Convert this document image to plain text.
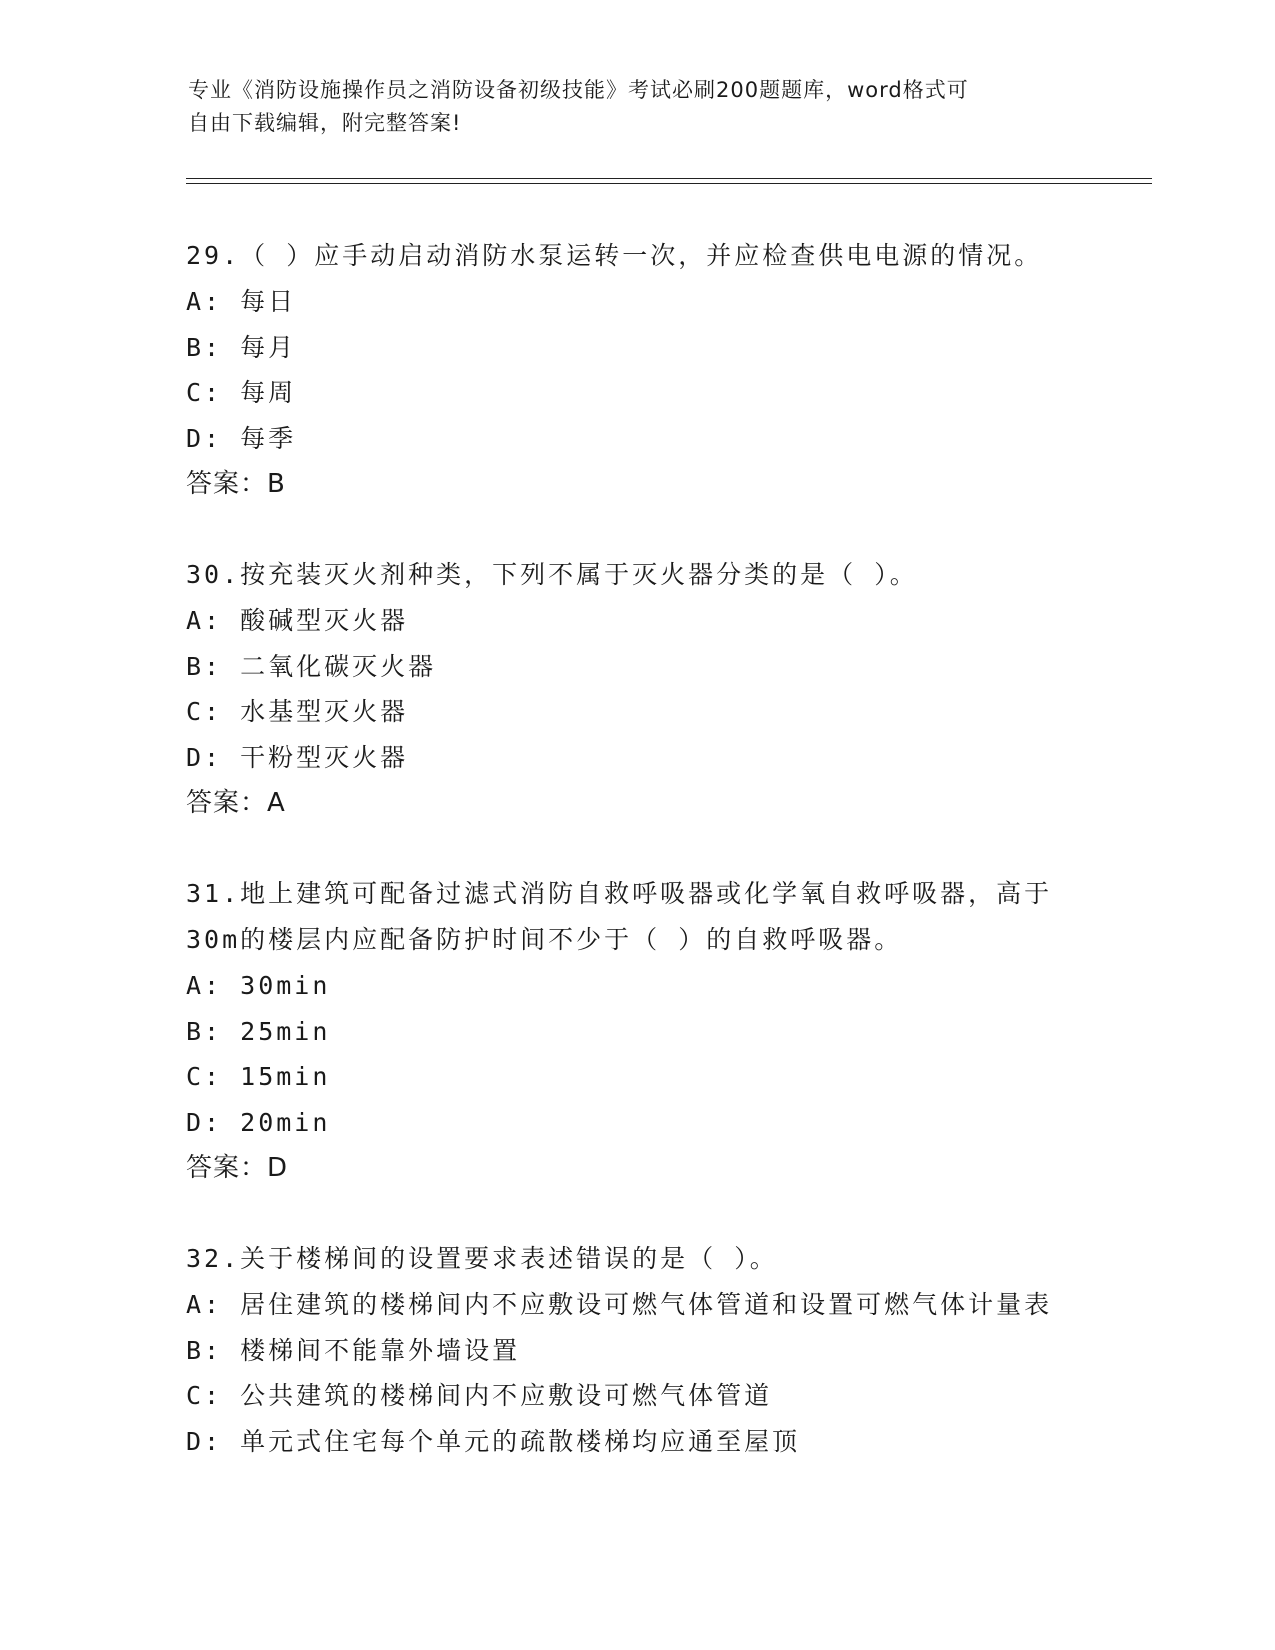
专业《消防设施操作员之消防设备初级技能》考试必刷200题题库，word格式可
自由下载编辑，附完整答案!
29.（ ）应手动启动消防水泵运转一次，并应检查供电电源的情况。
A: 每日
B: 每月
C: 每周
D: 每季
答案：B
30.按充装灭火剂种类，下列不属于灭火器分类的是（ ）。
A: 酸碱型灭火器
B: 二氧化碳灭火器
C: 水基型灭火器
D: 干粉型灭火器
答案：A
31.地上建筑可配备过滤式消防自救呼吸器或化学氧自救呼吸器，高于
30m的楼层内应配备防护时间不少于（ ）的自救呼吸器。
A: 30min
B: 25min
C: 15min
D: 20min
答案：D
32.关于楼梯间的设置要求表述错误的是（ ）。
A: 居住建筑的楼梯间内不应敷设可燃气体管道和设置可燃气体计量表
B: 楼梯间不能靠外墙设置
C: 公共建筑的楼梯间内不应敷设可燃气体管道
D: 单元式住宅每个单元的疏散楼梯均应通至屋顶
